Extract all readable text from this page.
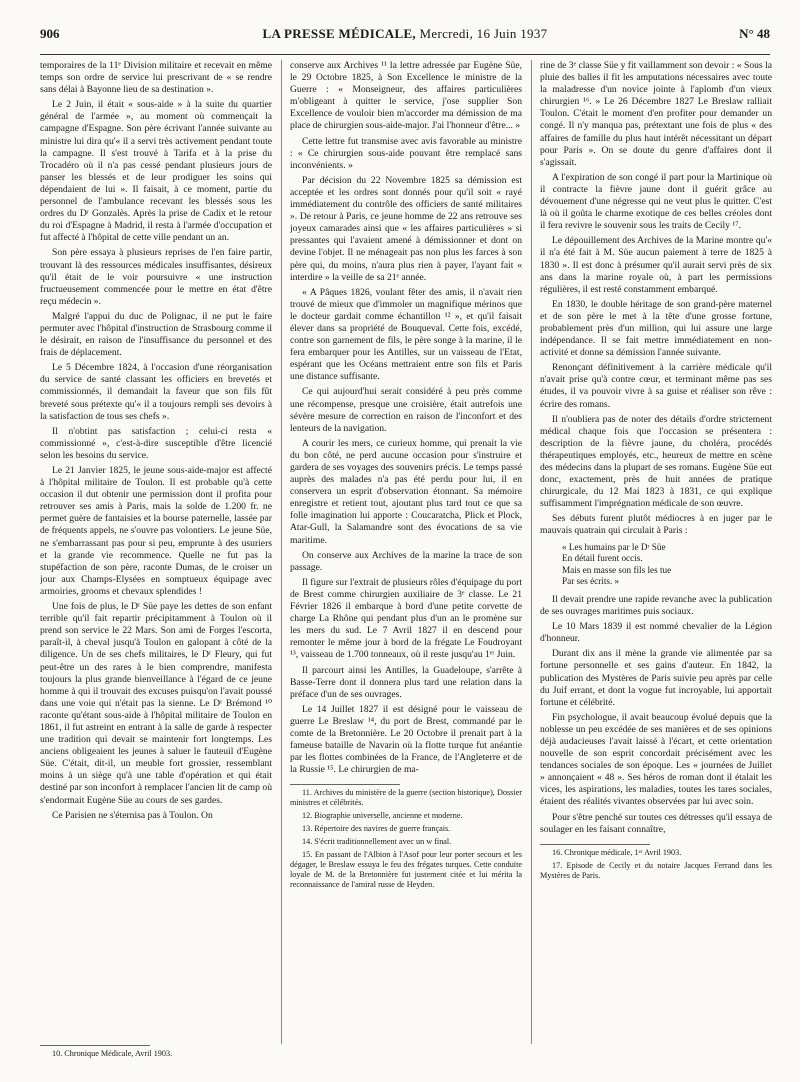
906	LA PRESSE MÉDICALE, Mercredi, 16 Juin 1937	N° 48

temporaires de la 11ᵉ Division militaire et recevait en même temps son ordre de service lui prescrivant de « se rendre sans délai à Bayonne lieu de sa destination ».

Le 2 Juin, il était « sous-aide » à la suite du quartier général de l'armée », au moment où commençait la campagne d'Espagne. Son père écrivant l'année suivante au ministre lui dira qu'« il a servi très activement pendant toute la campagne. Il s'est trouvé à Tarifa et à la prise du Trocadéro où il n'a pas cessé pendant plusieurs jours de panser les blessés et de leur prodiguer les soins qui dépendaient de lui ». Il faisait, à ce moment, partie du personnel de l'ambulance recevant les blessés sous les ordres du Dʳ Gonzalès. Après la prise de Cadix et le retour du roi d'Espagne à Madrid, il resta à l'armée d'occupation et fut affecté à l'hôpital de cette ville pendant un an.

Son père essaya à plusieurs reprises de l'en faire partir, trouvant là des ressources médicales insuffisantes, désireux qu'il était de le voir poursuivre « une instruction fructueusement commencée pour le mettre en état d'être reçu médecin ».

Malgré l'appui du duc de Polignac, il ne put le faire permuter avec l'hôpital d'instruction de Strasbourg comme il le désirait, en raison de l'insuffisance du personnel et des frais de déplacement.

Le 5 Décembre 1824, à l'occasion d'une réorganisation du service de santé classant les officiers en brevetés et commissionnés, il demandait la faveur que son fils fût breveté sous prétexte qu'« il a toujours rempli ses devoirs à la satisfaction de tous ses chefs ».

Il n'obtint pas satisfaction ; celui-ci resta « commissionné », c'est-à-dire susceptible d'être licencié selon les besoins du service.

Le 21 Janvier 1825, le jeune sous-aide-major est affecté à l'hôpital militaire de Toulon. Il est probable qu'à cette occasion il dut obtenir une permission dont il profita pour retrouver ses amis à Paris, mais la solde de 1.200 fr. ne permet guère de fantaisies et la bourse paternelle, lassée par de fréquents appels, ne s'ouvre pas volontiers. Le jeune Süe, ne s'embarrassant pas pour si peu, emprunte à des usuriers et la grande vie recommence. Quelle ne fut pas la stupéfaction de son père, raconte Dumas, de le croiser un jour aux Champs-Elysées en somptueux équipage avec armoiries, grooms et chevaux splendides !

Une fois de plus, le Dʳ Süe paye les dettes de son enfant terrible qu'il fait repartir précipitamment à Toulon où il prend son service le 22 Mars. Son ami de Forges l'escorta, paraît-il, à cheval jusqu'à Toulon en galopant à côté de la diligence. Un de ses chefs militaires, le Dʳ Fleury, qui fut peut-être un des rares à le bien comprendre, manifesta toujours la plus grande bienveillance à l'égard de ce jeune homme à qui il trouvait des excuses puisqu'on l'avait poussé dans une voie qui n'était pas la sienne. Le Dʳ Brémond ¹⁰ raconte qu'étant sous-aide à l'hôpital militaire de Toulon en 1861, il fut astreint en entrant à la salle de garde à respecter une tradition qui devait se maintenir fort longtemps. Les anciens obligeaient les jeunes à saluer le fauteuil d'Eugène Süe. C'était, dit-il, un meuble fort grossier, ressemblant moins à un siège qu'à une table d'opération et qui était destiné par son inconfort à remplacer l'ancien lit de camp où s'endormait Eugène Süe au cours de ses gardes.

Ce Parisien ne s'éternisa pas à Toulon. On

10. Chronique Médicale, Avril 1903.

conserve aux Archives ¹¹ la lettre adressée par Eugène Süe, le 29 Octobre 1825, à Son Excellence le ministre de la Guerre : « Monseigneur, des affaires particulières m'obligeant à quitter le service, j'ose supplier Son Excellence de vouloir bien m'accorder ma démission de ma place de chirurgien sous-aide-major. J'ai l'honneur d'être... »

Cette lettre fut transmise avec avis favorable au ministre : « Ce chirurgien sous-aide pouvant être remplacé sans inconvénients. »

Par décision du 22 Novembre 1825 sa démission est acceptée et les ordres sont donnés pour qu'il soit « rayé immédiatement du contrôle des officiers de santé militaires ». De retour à Paris, ce jeune homme de 22 ans retrouve ses joyeux camarades ainsi que « les affaires particulières » si pressantes qui l'avaient amené à démissionner et dont on devine l'objet. Il ne ménageait pas non plus les farces à son père qui, du moins, n'aura plus rien à payer, l'ayant fait « interdire » la veille de sa 21ᵉ année.

« A Pâques 1826, voulant fêter des amis, il n'avait rien trouvé de mieux que d'immoler un magnifique mérinos que le docteur gardait comme échantillon ¹² », et qu'il faisait élever dans sa propriété de Bouqueval. Cette fois, excédé, contre son garnement de fils, le père songe à la marine, il le fera embarquer pour les Antilles, sur un vaisseau de l'Etat, espérant que les Océans mettraient entre son fils et Paris une distance suffisante.

Ce qui aujourd'hui serait considéré à peu près comme une récompense, presque une croisière, était autrefois une sévère mesure de correction en raison de l'inconfort et des lenteurs de la navigation.

A courir les mers, ce curieux homme, qui prenait la vie du bon côté, ne perd aucune occasion pour s'instruire et gardera de ses voyages des souvenirs précis. Le temps passé auprès des malades n'a pas été perdu pour lui, il en conservera un esprit d'observation étonnant. Sa mémoire enregistre et retient tout, ajoutant plus tard tout ce que sa folle imagination lui apporte : Coucaratcha, Plick et Plock, Atar-Gull, la Salamandre sont des évocations de sa vie maritime.

On conserve aux Archives de la marine la trace de son passage.

Il figure sur l'extrait de plusieurs rôles d'équipage du port de Brest comme chirurgien auxiliaire de 3ᵉ classe. Le 21 Février 1826 il embarque à bord d'une petite corvette de charge La Rhône qui pendant plus d'un an le promène sur les mers du sud. Le 7 Avril 1827 il en descend pour remonter le même jour à bord de la frégate Le Foudroyant ¹³, vaisseau de 1.700 tonneaux, où il reste jusqu'au 1ᵉʳ Juin.

Il parcourt ainsi les Antilles, la Guadeloupe, s'arrête à Basse-Terre dont il donnera plus tard une relation dans la préface d'un de ses ouvrages.

Le 14 Juillet 1827 il est désigné pour le vaisseau de guerre Le Breslaw ¹⁴, du port de Brest, commandé par le comte de la Bretonnière. Le 20 Octobre il prenait part à la fameuse bataille de Navarin où la flotte turque fut anéantie par les flottes combinées de la France, de l'Angleterre et de la Russie ¹⁵. Le chirurgien de ma-

11. Archives du ministère de la guerre (section historique), Dossier ministres et célébrités.

12. Biographie universelle, ancienne et moderne.

13. Répertoire des navires de guerre français.

14. S'écrit traditionnellement avec un w final.

15. En passant de l'Albion à l'Asof pour leur porter secours et les dégager, le Breslaw essuya le feu des frégates turques. Cette conduite loyale de M. de la Bretonnière fut justement citée et lui mérita la reconnaissance de l'amiral russe de Heyden.

rine de 3ᵉ classe Süe y fit vaillamment son devoir : « Sous la pluie des balles il fit les amputations nécessaires avec toute la maladresse d'un novice jointe à l'aplomb d'un vieux chirurgien ¹⁶. » Le 26 Décembre 1827 Le Breslaw ralliait Toulon. C'était le moment d'en profiter pour demander un congé. Il n'y manqua pas, prétextant une fois de plus « des affaires de famille du plus haut intérêt nécessitant un départ pour Paris ». On se doute du genre d'affaires dont il s'agissait.

A l'expiration de son congé il part pour la Martinique où il contracte la fièvre jaune dont il guérit grâce au dévouement d'une négresse qui ne veut plus le quitter. C'est là où il goûta le charme exotique de ces belles créoles dont il fera revivre le souvenir sous les traits de Cecily ¹⁷.

Le dépouillement des Archives de la Marine montre qu'« il n'a été fait à M. Süe aucun paiement à terre de 1825 à 1830 ». Il est donc à présumer qu'il aurait servi près de six ans dans la marine royale où, à part les permissions régulières, il est resté constamment embarqué.

En 1830, le double héritage de son grand-père maternel et de son père le met à la tête d'une grosse fortune, probablement près d'un million, qui lui assure une large indépendance. Il se fait mettre immédiatement en non-activité et donne sa démission l'année suivante.

Renonçant définitivement à la carrière médicale qu'il n'avait prise qu'à contre cœur, et terminant même pas ses études, il va pouvoir vivre à sa guise et réaliser son rêve : écrire des romans.

Il n'oubliera pas de noter des détails d'ordre strictement médical chaque fois que l'occasion se présentera : description de la fièvre jaune, du choléra, procédés thérapeutiques employés, etc., heureux de mettre en scène des médecins dans la plupart de ses romans. Eugène Süe eut donc, exactement, près de huit années de pratique chirurgicale, du 12 Mai 1823 à 1831, ce qui explique suffisamment l'imprégnation médicale de son œuvre.

Ses débuts furent plutôt médiocres à en juger par le mauvais quatrain qui circulait à Paris :

« Les humains par le Dʳ Süe
En détail furent occis.
Mais en masse son fils les tue
Par ses écrits. »

Il devait prendre une rapide revanche avec la publication de ses ouvrages maritimes puis sociaux.

Le 10 Mars 1839 il est nommé chevalier de la Légion d'honneur.

Durant dix ans il mène la grande vie alimentée par sa fortune personnelle et ses gains d'auteur. En 1842, la publication des Mystères de Paris suivie peu après par celle du Juif errant, et dont la vogue fut incroyable, lui apportait fortune et célébrité.

Fin psychologue, il avait beaucoup évolué depuis que la noblesse un peu excédée de ses manières et de ses opinions déjà audacieuses l'avait laissé à l'écart, et cette orientation nouvelle de son esprit concordait précisément avec les tendances sociales de son époque. Les « journées de Juillet » annonçaient « 48 ». Ses héros de roman dont il étalait les vices, les aspirations, les maladies, toutes les tares sociales, étaient des réalités vivantes observées par lui avec soin.

Pour s'être penché sur toutes ces détresses qu'il essaya de soulager en les faisant connaître,

16. Chronique médicale, 1ᵉʳ Avril 1903.

17. Episode de Cecily et du notaire Jacques Ferrand dans les Mystères de Paris.
